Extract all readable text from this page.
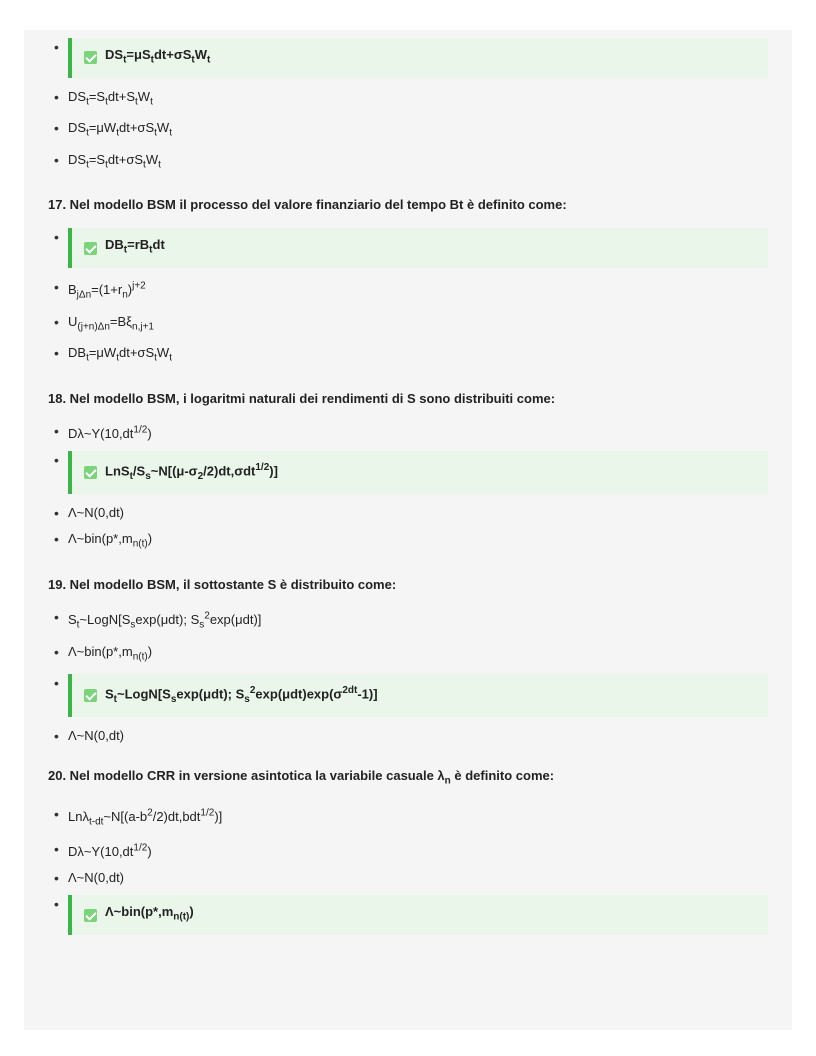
• $DS_t=\mu S_tdt+\sigma S_tW_t$
• $DS_t=S_tdt+S_tW_t$
• $DS_t=\mu W_tdt+\sigma S_tW_t$
• $DS_t=S_tdt+\sigma S_tW_t$
17. Nel modello BSM il processo del valore finanziario del tempo Bt è definito come:
• $DB_t=rB_tdt$
• $B_{j\Delta n}=(1+r_n)^{j+2}$
• $U_{(j+n)\Delta n}=B\xi_{n,j+1}$
• $DB_t=\mu W_tdt+\sigma S_tW_t$
18. Nel modello BSM, i logaritmi naturali dei rendimenti di S sono distribuiti come:
• $D\lambda\sim Y(10,dt^{1/2})$
• $LnS_t/S_s\sim N[(\mu-\sigma_2/2)dt,\sigma dt^{1/2})$]
• Λ~N(0,dt)
• $\Lambda\sim bin(p*,m_{n(t)})$
19. Nel modello BSM, il sottostante S è distribuito come:
• $S_t\sim LogN[S_s\exp(\mu dt)$; $S_s^2\exp(\mu dt)$]
• $\Lambda\sim bin(p*,m_{n(t)})$
• $S_t\sim LogN[S_s\exp(\mu dt)$; $S_s^2\exp(\mu dt)\exp(\sigma^{2dt}-1)$]
• Λ~N(0,dt)
20. Nel modello CRR in versione asintotica la variabile casuale $\lambda_n$ è definito come:
• $Ln\lambda_{t-dt}\sim N[(a-b^2/2)dt,bdt^{1/2})$]
• $D\lambda\sim Y(10,dt^{1/2})$
• Λ~N(0,dt)
• $\Lambda\sim bin(p*,m_{n(t)})$
